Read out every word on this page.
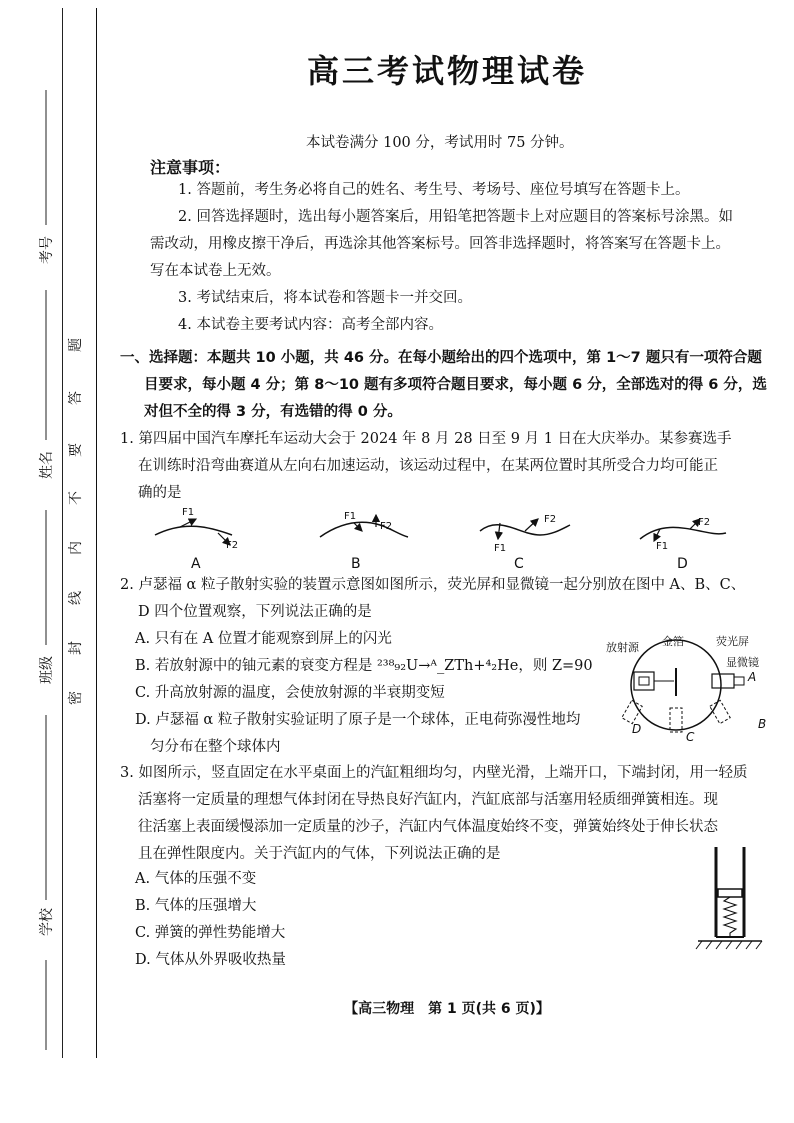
考号
姓名
班级
学校
题
答
要
不
内
线
封
密
高三考试物理试卷
本试卷满分 100 分，考试用时 75 分钟。
注意事项：
1. 答题前，考生务必将自己的姓名、考生号、考场号、座位号填写在答题卡上。
2. 回答选择题时，选出每小题答案后，用铅笔把答题卡上对应题目的答案标号涂黑。如需改动，用橡皮擦干净后，再选涂其他答案标号。回答非选择题时，将答案写在答题卡上。写在本试卷上无效。
3. 考试结束后，将本试卷和答题卡一并交回。
4. 本试卷主要考试内容：高考全部内容。
一、选择题：本题共 10 小题，共 46 分。在每小题给出的四个选项中，第 1～7 题只有一项符合题
目要求，每小题 4 分；第 8～10 题有多项符合题目要求，每小题 6 分，全部选对的得 6 分，选
对但不全的得 3 分，有选错的得 0 分。
1. 第四届中国汽车摩托车运动大会于 2024 年 8 月 28 日至 9 月 1 日在大庆举办。某参赛选手
在训练时沿弯曲赛道从左向右加速运动，该运动过程中，在某两位置时其所受合力均可能正
确的是
F1
F2
F1
F2
F1
F2
F1
F2
A	B	C	D
2. 卢瑟福 α 粒子散射实验的装置示意图如图所示，荧光屏和显微镜一起分别放在图中 A、B、C、
D 四个位置观察，下列说法正确的是
A. 只有在 A 位置才能观察到屏上的闪光
B. 若放射源中的铀元素的衰变方程是 ²³⁸₉₂U→ᴬ_ZTh+⁴₂He，则 Z=90
C. 升高放射源的温度，会使放射源的半衰期变短
D. 卢瑟福 α 粒子散射实验证明了原子是一个球体，正电荷弥漫性地均
匀分布在整个球体内
放射源 金箔	荧光屏
显微镜
A
B
C
D
3. 如图所示，竖直固定在水平桌面上的汽缸粗细均匀，内壁光滑，上端开口，下端封闭，用一轻质
活塞将一定质量的理想气体封闭在导热良好汽缸内，汽缸底部与活塞用轻质细弹簧相连。现
往活塞上表面缓慢添加一定质量的沙子，汽缸内气体温度始终不变，弹簧始终处于伸长状态
且在弹性限度内。关于汽缸内的气体，下列说法正确的是
A. 气体的压强不变
B. 气体的压强增大
C. 弹簧的弹性势能增大
D. 气体从外界吸收热量
【高三物理　第 1 页(共 6 页)】
